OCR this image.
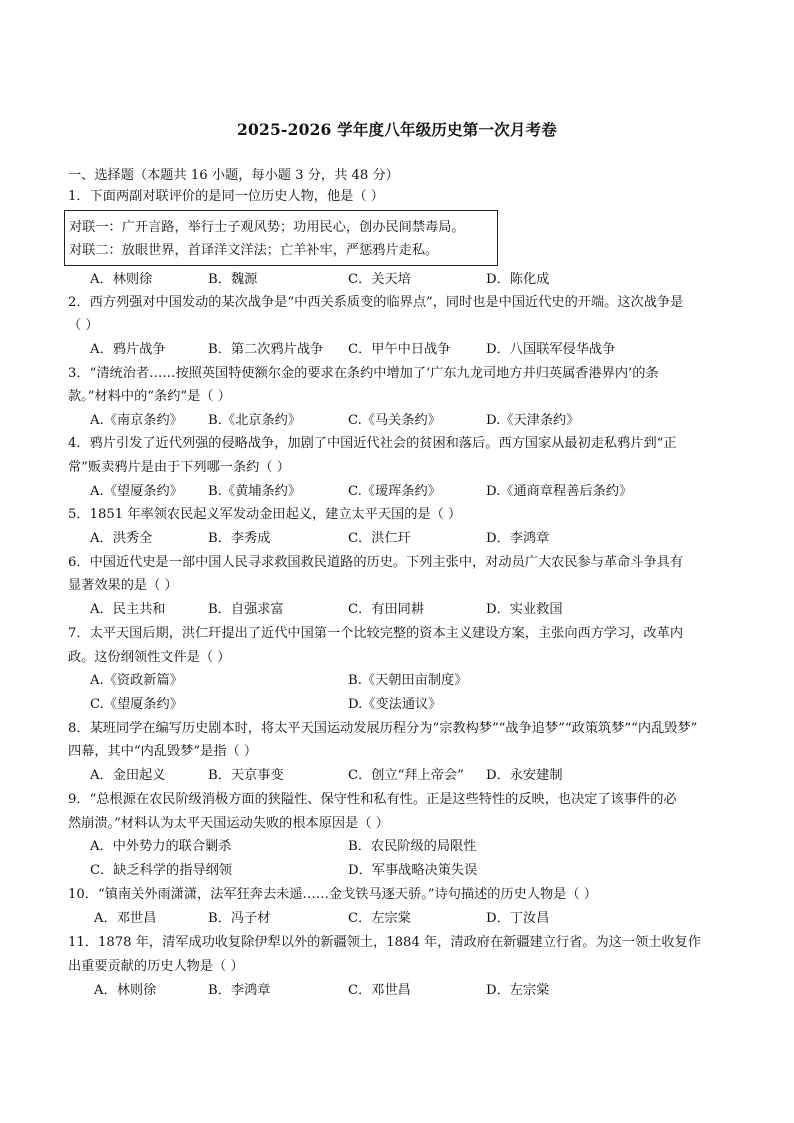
2025-2026 学年度八年级历史第一次月考卷
一、选择题（本题共 16 小题，每小题 3 分，共 48 分）
1．下面两副对联评价的是同一位历史人物，他是（ ）
对联一：广开言路，举行士子观风势；功用民心，创办民间禁毒局。
对联二：放眼世界，首译洋文洋法；亡羊补牢，严惩鸦片走私。
A．林则徐	B．魏源	C．关天培	D．陈化成
2．西方列强对中国发动的某次战争是“中西关系质变的临界点”，同时也是中国近代史的开端。这次战争是
（ ）
A．鸦片战争	B．第二次鸦片战争 C．甲午中日战争	D．八国联军侵华战争
3．“清统治者……按照英国特使额尔金的要求在条约中增加了‘广东九龙司地方并归英属香港界内’的条
款。”材料中的“条约”是（ ）
A.《南京条约》 B.《北京条约》	C.《马关条约》	D.《天津条约》
4．鸦片引发了近代列强的侵略战争，加剧了中国近代社会的贫困和落后。西方国家从最初走私鸦片到“正
常”贩卖鸦片是由于下列哪一条约（ ）
A.《望厦条约》 B.《黄埔条约》	C.《瑷珲条约》	D.《通商章程善后条约》
5．1851 年率领农民起义军发动金田起义，建立太平天国的是（ ）
A．洪秀全	B．李秀成	C．洪仁玕	D．李鸿章
6．中国近代史是一部中国人民寻求救国救民道路的历史。下列主张中，对动员广大农民参与革命斗争具有
显著效果的是（ ）
A．民主共和	B．自强求富	C．有田同耕	D．实业救国
7．太平天国后期，洪仁玕提出了近代中国第一个比较完整的资本主义建设方案，主张向西方学习，改革内
政。这份纲领性文件是（ ）
A.《资政新篇》	B.《天朝田亩制度》
C.《望厦条约》	D.《变法通议》
8．某班同学在编写历史剧本时，将太平天国运动发展历程分为“宗教构梦”“战争追梦”“政策筑梦”“内乱毁梦”
四幕，其中“内乱毁梦”是指（ ）
A．金田起义	B．天京事变	C．创立“拜上帝会” D．永安建制
9．“总根源在农民阶级消极方面的狭隘性、保守性和私有性。正是这些特性的反映，也决定了该事件的必
然崩溃。”材料认为太平天国运动失败的根本原因是（ ）
A．中外势力的联合剿杀	B．农民阶级的局限性
C．缺乏科学的指导纲领	D．军事战略决策失误
10．“镇南关外雨潇潇，法军狂奔去未遥……金戈铁马逐天骄。”诗句描述的历史人物是（ ）
A．邓世昌	B．冯子材	C．左宗棠	D．丁汝昌
11．1878 年，清军成功收复除伊犁以外的新疆领土，1884 年，清政府在新疆建立行省。为这一领土收复作
出重要贡献的历史人物是（ ）
A．林则徐	B．李鸿章	C．邓世昌	D．左宗棠
